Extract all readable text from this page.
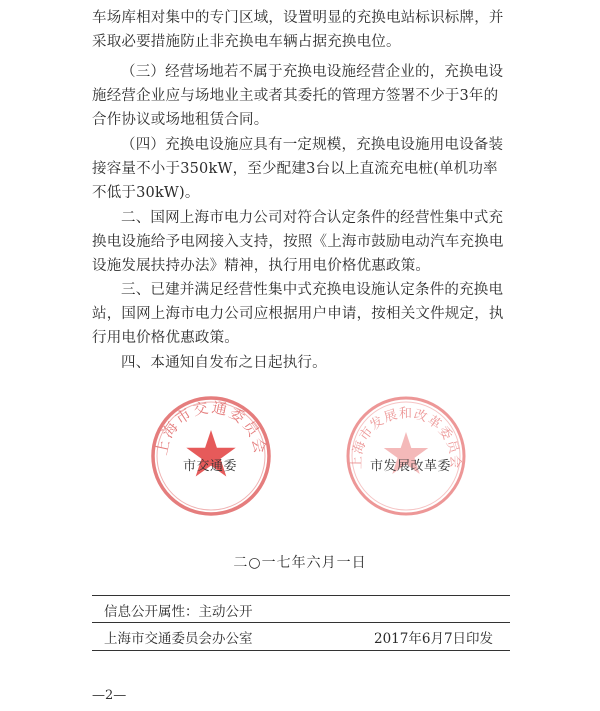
车场库相对集中的专门区域，设置明显的充换电站标识标牌，并采取必要措施防止非充换电车辆占据充换电位。

（三）经营场地若不属于充换电设施经营企业的，充换电设施经营企业应与场地业主或者其委托的管理方签署不少于3年的合作协议或场地租赁合同。

（四）充换电设施应具有一定规模，充换电设施用电设备装接容量不小于350kW，至少配建3台以上直流充电桩(单机功率不低于30kW)。

二、国网上海市电力公司对符合认定条件的经营性集中式充换电设施给予电网接入支持，按照《上海市鼓励电动汽车充换电设施发展扶持办法》精神，执行用电价格优惠政策。

三、已建并满足经营性集中式充换电设施认定条件的充换电站，国网上海市电力公司应根据用户申请，按相关文件规定，执行用电价格优惠政策。

四、本通知自发布之日起执行。

上海市交通委员会
市交通委	上海市发展和改革委员会
市发展改革委
二○一七年六月一日
信息公开属性：主动公开
上海市交通委员会办公室	2017年6月7日印发
—2—
